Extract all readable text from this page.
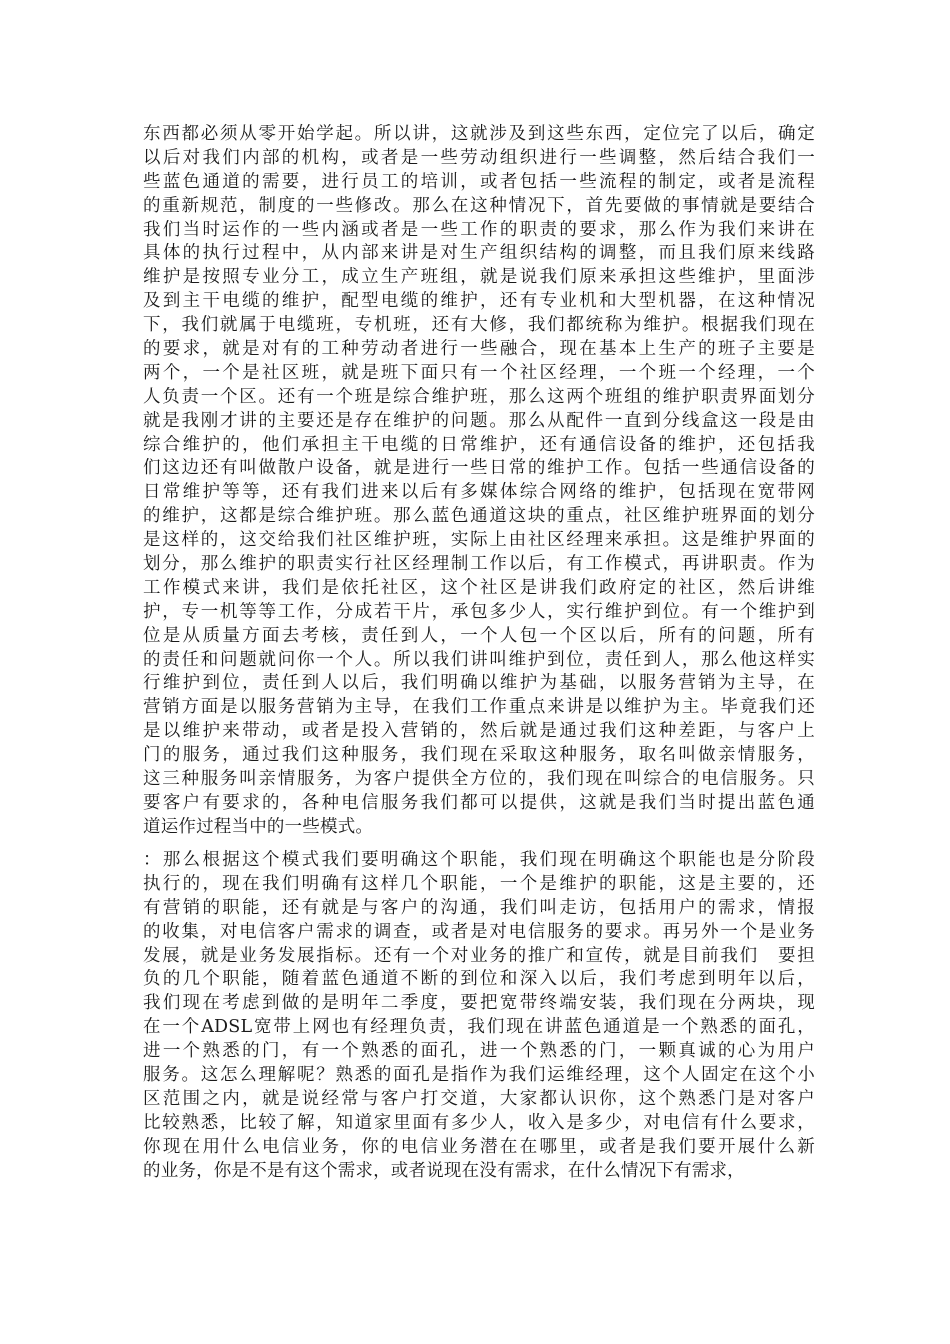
东西都必须从零开始学起。所以讲，这就涉及到这些东西，定位完了以后，确定
以后对我们内部的机构，或者是一些劳动组织进行一些调整，然后结合我们一
些蓝色通道的需要，进行员工的培训，或者包括一些流程的制定，或者是流程
的重新规范，制度的一些修改。那么在这种情况下，首先要做的事情就是要结合
我们当时运作的一些内涵或者是一些工作的职责的要求，那么作为我们来讲在
具体的执行过程中，从内部来讲是对生产组织结构的调整，而且我们原来线路
维护是按照专业分工，成立生产班组，就是说我们原来承担这些维护，里面涉
及到主干电缆的维护，配型电缆的维护，还有专业机和大型机器，在这种情况
下，我们就属于电缆班，专机班，还有大修，我们都统称为维护。根据我们现在
的要求，就是对有的工种劳动者进行一些融合，现在基本上生产的班子主要是
两个，一个是社区班，就是班下面只有一个社区经理，一个班一个经理，一个
人负责一个区。还有一个班是综合维护班，那么这两个班组的维护职责界面划分
就是我刚才讲的主要还是存在维护的问题。那么从配件一直到分线盒这一段是由
综合维护的，他们承担主干电缆的日常维护，还有通信设备的维护，还包括我
们这边还有叫做散户设备，就是进行一些日常的维护工作。包括一些通信设备的
日常维护等等，还有我们进来以后有多媒体综合网络的维护，包括现在宽带网
的维护，这都是综合维护班。那么蓝色通道这块的重点，社区维护班界面的划分
是这样的，这交给我们社区维护班，实际上由社区经理来承担。这是维护界面的
划分，那么维护的职责实行社区经理制工作以后，有工作模式，再讲职责。作为
工作模式来讲，我们是依托社区，这个社区是讲我们政府定的社区，然后讲维
护，专一机等等工作，分成若干片，承包多少人，实行维护到位。有一个维护到
位是从质量方面去考核，责任到人，一个人包一个区以后，所有的问题，所有
的责任和问题就问你一个人。所以我们讲叫维护到位，责任到人，那么他这样实
行维护到位，责任到人以后，我们明确以维护为基础，以服务营销为主导，在
营销方面是以服务营销为主导，在我们工作重点来讲是以维护为主。毕竟我们还
是以维护来带动，或者是投入营销的，然后就是通过我们这种差距，与客户上
门的服务，通过我们这种服务，我们现在采取这种服务，取名叫做亲情服务，
这三种服务叫亲情服务，为客户提供全方位的，我们现在叫综合的电信服务。只
要客户有要求的，各种电信服务我们都可以提供，这就是我们当时提出蓝色通
道运作过程当中的一些模式。
：那么根据这个模式我们要明确这个职能，我们现在明确这个职能也是分阶段
执行的，现在我们明确有这样几个职能，一个是维护的职能，这是主要的，还
有营销的职能，还有就是与客户的沟通，我们叫走访，包括用户的需求，情报
的收集，对电信客户需求的调查，或者是对电信服务的要求。再另外一个是业务
发展，就是业务发展指标。还有一个对业务的推广和宣传，就是目前我们　要担
负的几个职能，随着蓝色通道不断的到位和深入以后，我们考虑到明年以后，
我们现在考虑到做的是明年二季度，要把宽带终端安装，我们现在分两块，现
在一个ADSL宽带上网也有经理负责，我们现在讲蓝色通道是一个熟悉的面孔，
进一个熟悉的门，有一个熟悉的面孔，进一个熟悉的门，一颗真诚的心为用户
服务。这怎么理解呢？熟悉的面孔是指作为我们运维经理，这个人固定在这个小
区范围之内，就是说经常与客户打交道，大家都认识你，这个熟悉门是对客户
比较熟悉，比较了解，知道家里面有多少人，收入是多少，对电信有什么要求，
你现在用什么电信业务，你的电信业务潜在在哪里，或者是我们要开展什么新
的业务，你是不是有这个需求，或者说现在没有需求，在什么情况下有需求，
